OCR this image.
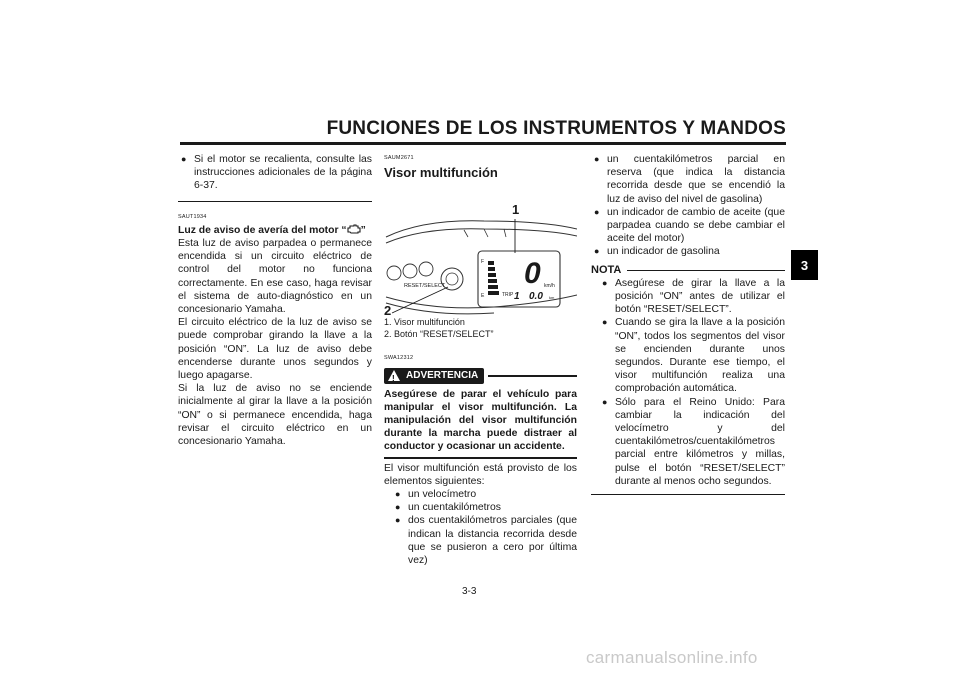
FUNCIONES DE LOS INSTRUMENTOS Y MANDOS
3

● Si el motor se recalienta, consulte las instrucciones adicionales de la página 6-37.

SAUT1934

Luz de aviso de avería del motor “ ”

Esta luz de aviso parpadea o permanece encendida si un circuito eléctrico de control del motor no funciona correctamente. En ese caso, haga revisar el sistema de auto-diagnóstico en un concesionario Yamaha.

El circuito eléctrico de la luz de aviso se puede comprobar girando la llave a la posición “ON”. La luz de aviso debe encenderse durante unos segundos y luego apagarse.

Si la luz de aviso no se enciende inicialmente al girar la llave a la posición “ON” o si permanece encendida, haga revisar el circuito eléctrico en un concesionario Yamaha.

SAUM2671

Visor multifunción

1
2
RESET/SELECT
F
E
0 km/h
TRIP 1 0.0 km

1. Visor multifunción

2. Botón “RESET/SELECT”

SWA12312

! ADVERTENCIA

Asegúrese de parar el vehículo para manipular el visor multifunción. La manipulación del visor multifunción durante la marcha puede distraer al conductor y ocasionar un accidente.

El visor multifunción está provisto de los elementos siguientes:

● un velocímetro

● un cuentakilómetros

● dos cuentakilómetros parciales (que indican la distancia recorrida desde que se pusieron a cero por última vez)

● un cuentakilómetros parcial en reserva (que indica la distancia recorrida desde que se encendió la luz de aviso del nivel de gasolina)

● un indicador de cambio de aceite (que parpadea cuando se debe cambiar el aceite del motor)

● un indicador de gasolina

NOTA

● Asegúrese de girar la llave a la posición “ON” antes de utilizar el botón “RESET/SELECT”.

● Cuando se gira la llave a la posición “ON”, todos los segmentos del visor se encienden durante unos segundos. Durante ese tiempo, el visor multifunción realiza una comprobación automática.

● Sólo para el Reino Unido: Para cambiar la indicación del velocímetro y del cuentakilómetros/cuentakilómetros parcial entre kilómetros y millas, pulse el botón “RESET/SELECT” durante al menos ocho segundos.

3-3
carmanualsonline.info
